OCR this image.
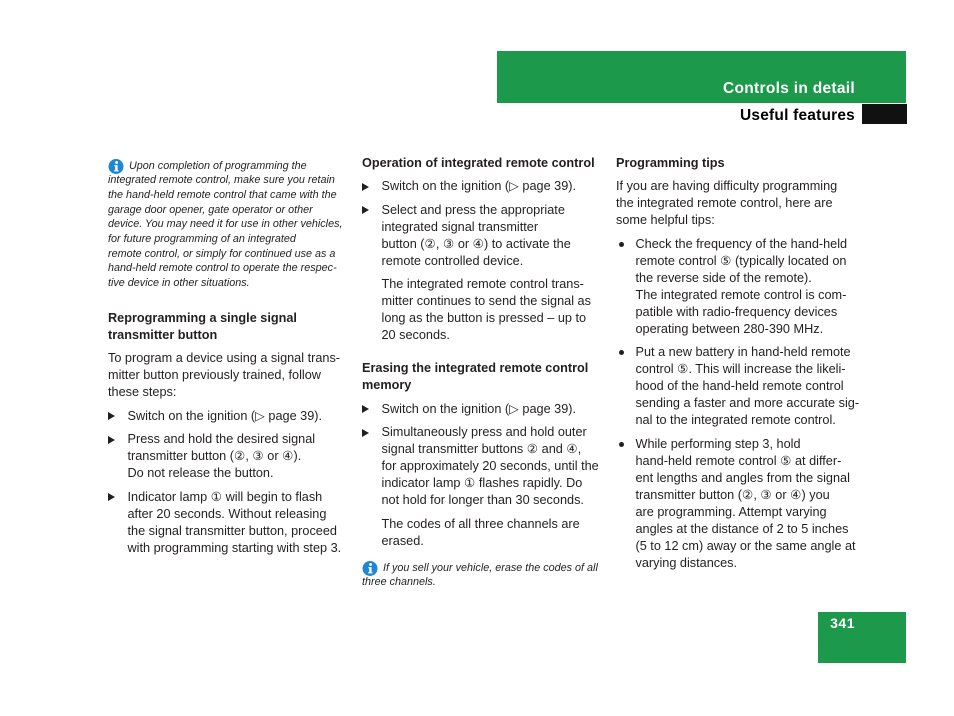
Controls in detail
Useful features
Upon completion of programming the
integrated remote control, make sure you retain
the hand-held remote control that came with the
garage door opener, gate operator or other
device. You may need it for use in other vehicles,
for future programming of an integrated
remote control, or simply for continued use as a
hand-held remote control to operate the respec-
tive device in other situations.
Reprogramming a single signal
transmitter button
To program a device using a signal trans-
mitter button previously trained, follow
these steps:
Switch on the ignition (▷ page 39).
Press and hold the desired signal
transmitter button (②, ③ or ④).
Do not release the button.
Indicator lamp ① will begin to flash
after 20 seconds. Without releasing
the signal transmitter button, proceed
with programming starting with step 3.
Operation of integrated remote control
Switch on the ignition (▷ page 39).
Select and press the appropriate
integrated signal transmitter
button (②, ③ or ④) to activate the
remote controlled device.
The integrated remote control trans-
mitter continues to send the signal as
long as the button is pressed – up to
20 seconds.
Erasing the integrated remote control
memory
Switch on the ignition (▷ page 39).
Simultaneously press and hold outer
signal transmitter buttons ② and ④,
for approximately 20 seconds, until the
indicator lamp ① flashes rapidly. Do
not hold for longer than 30 seconds.
The codes of all three channels are
erased.
If you sell your vehicle, erase the codes of all
three channels.
Programming tips
If you are having difficulty programming
the integrated remote control, here are
some helpful tips:
Check the frequency of the hand-held
remote control ⑤ (typically located on
the reverse side of the remote).
The integrated remote control is com-
patible with radio-frequency devices
operating between 280-390 MHz.
Put a new battery in hand-held remote
control ⑤. This will increase the likeli-
hood of the hand-held remote control
sending a faster and more accurate sig-
nal to the integrated remote control.
While performing step 3, hold
hand-held remote control ⑤ at differ-
ent lengths and angles from the signal
transmitter button (②, ③ or ④) you
are programming. Attempt varying
angles at the distance of 2 to 5 inches
(5 to 12 cm) away or the same angle at
varying distances.
341
